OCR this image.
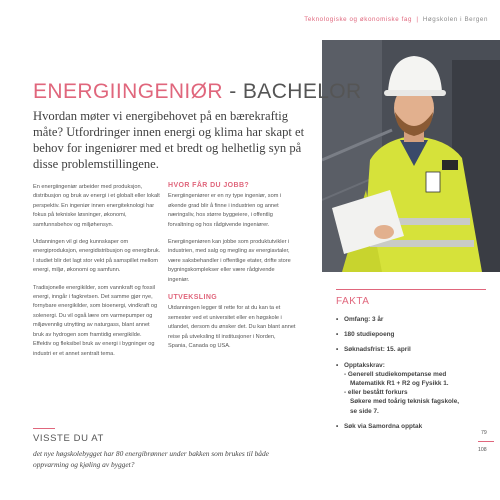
Teknologiske og økonomiske fag | Høgskolen i Bergen
ENERGIINGENIØR - BACHELOR

Hvordan møter vi energibehovet på en bærekraftig måte? Utfordringer innen energi og klima har skapt et behov for ingeniører med et bredt og helhetlig syn på disse problemstillingene.

En energiingeniør arbeider med produksjon, distribusjon og bruk av energi i et globalt eller lokalt perspektiv. En ingeniør innen energiteknologi har fokus på tekniske løsninger, økonomi, samfunnsbehov og miljøhensyn.

Utdanningen vil gi deg kunnskaper om energiproduksjon, energidistribusjon og energibruk. I studiet blir det lagt stor vekt på samspillet mellom energi, miljø, økonomi og samfunn.

Tradisjonelle energikilder, som vannkraft og fossil energi, inngår i fagkretsen. Det samme gjør nye, fornybare energikilder, som bioenergi, vindkraft og solenergi. Du vil også lære om varmepumper og miljøvennlig utnytting av naturgass, blant annet bruk av hydrogen som framtidig energikilde. Effektiv og fleksibel bruk av energi i bygninger og industri er et annet sentralt tema.

HVOR FÅR DU JOBB?

Energiingeniører er en ny type ingeniør, som i økende grad blir å finne i industrien og annet næringsliv, hos større byggeiere, i offentlig forvaltning og hos rådgivende ingeniører.

Energiingeniøren kan jobbe som produktutvikler i industrien, med salg og megling av energiavtaler, være saksbehandler i offentlige etater, drifte store bygningskomplekser eller være rådgivende ingeniør.

UTVEKSLING

Utdanningen legger til rette for at du kan ta et semester ved et universitet eller en høgskole i utlandet, dersom du ønsker det. Du kan blant annet reise på utveksling til institusjoner i Norden, Spania, Canada og USA.

FAKTA
• Omfang: 3 år
• 180 studiepoeng
• Søknadsfrist: 15. april
• Opptakskrav:
- Generell studiekompetanse med
Matematikk R1 + R2 og Fysikk 1.
- eller bestått forkurs
Søkere med toårig teknisk fagskole,
se side 7.
• Søk via Samordna opptak
VISSTE DU AT

det nye høgskolebygget har 80 energibrønner under bakken som brukes til både oppvarming og kjøling av bygget?

79
108
